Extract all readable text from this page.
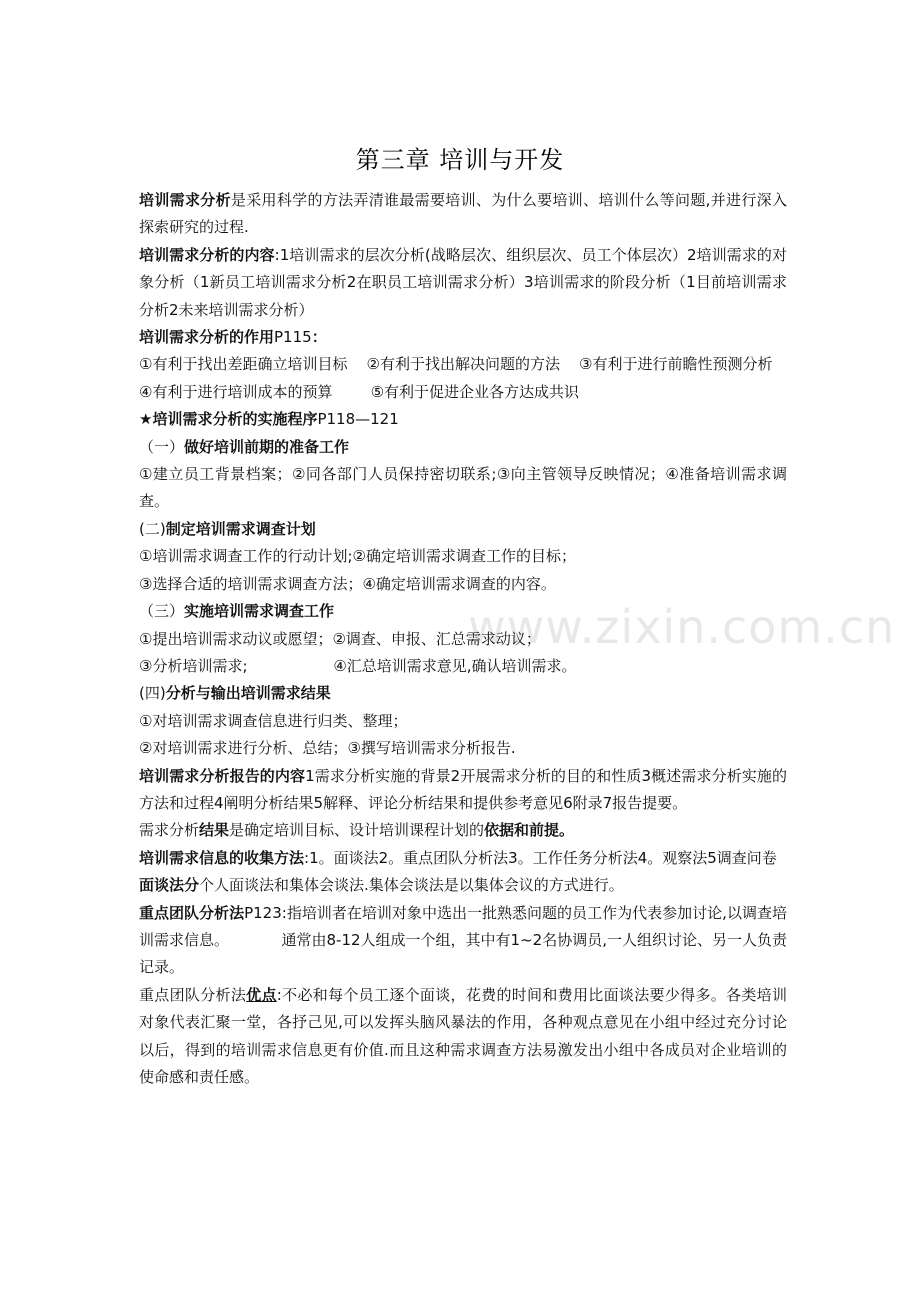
www.zixin.com.cn
第三章 培训与开发

培训需求分析是采用科学的方法弄清谁最需要培训、为什么要培训、培训什么等问题,并进行深入探索研究的过程.

培训需求分析的内容:1培训需求的层次分析(战略层次、组织层次、员工个体层次）2培训需求的对象分析（1新员工培训需求分析2在职员工培训需求分析）3培训需求的阶段分析（1目前培训需求分析2未来培训需求分析）

培训需求分析的作用P115：

①有利于找出差距确立培训目标    ②有利于找出解决问题的方法    ③有利于进行前瞻性预测分析

④有利于进行培训成本的预算        ⑤有利于促进企业各方达成共识

★培训需求分析的实施程序P118—121

（一）做好培训前期的准备工作

①建立员工背景档案；②同各部门人员保持密切联系;③向主管领导反映情况；④准备培训需求调查。

(二)制定培训需求调查计划

①培训需求调查工作的行动计划;②确定培训需求调查工作的目标；

③选择合适的培训需求调查方法；④确定培训需求调查的内容。

（三）实施培训需求调查工作

①提出培训需求动议或愿望；②调查、申报、汇总需求动议；

③分析培训需求;                  ④汇总培训需求意见,确认培训需求。

(四)分析与输出培训需求结果

①对培训需求调查信息进行归类、整理；

②对培训需求进行分析、总结；③撰写培训需求分析报告.

培训需求分析报告的内容1需求分析实施的背景2开展需求分析的目的和性质3概述需求分析实施的方法和过程4阐明分析结果5解释、评论分析结果和提供参考意见6附录7报告提要。

需求分析结果是确定培训目标、设计培训课程计划的依据和前提。

培训需求信息的收集方法:1。面谈法2。重点团队分析法3。工作任务分析法4。观察法5调查问卷

面谈法分个人面谈法和集体会谈法.集体会谈法是以集体会议的方式进行。

重点团队分析法P123:指培训者在培训对象中选出一批熟悉问题的员工作为代表参加讨论,以调查培训需求信息。           通常由8-12人组成一个组，其中有1~2名协调员,一人组织讨论、另一人负责记录。

重点团队分析法优点:不必和每个员工逐个面谈，花费的时间和费用比面谈法要少得多。各类培训对象代表汇聚一堂，各抒己见,可以发挥头脑风暴法的作用，各种观点意见在小组中经过充分讨论以后，得到的培训需求信息更有价值.而且这种需求调查方法易激发出小组中各成员对企业培训的使命感和责任感。
